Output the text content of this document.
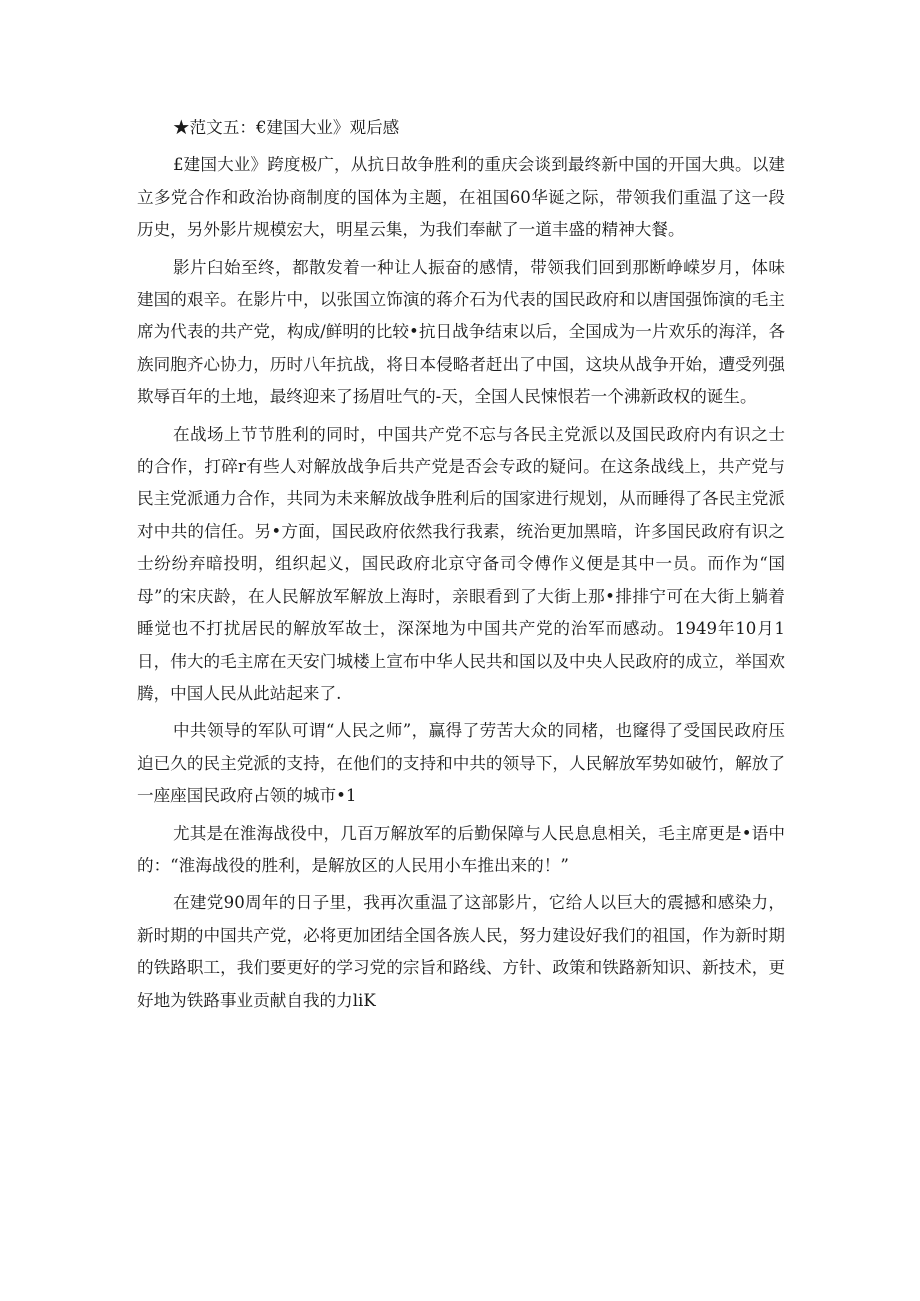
★范文五：€建国大业》观后感

£建国大业》跨度极广，从抗日故争胜利的重庆会谈到最终新中国的开国大典。以建立多党合作和政治协商制度的国体为主题，在祖国60华诞之际，带领我们重温了这一段历史，另外影片规模宏大，明星云集，为我们奉献了一道丰盛的精神大餐。

影片臼始至终，都散发着一种让人振奋的感情，带领我们回到那断峥嵘岁月，体味建国的艰辛。在影片中，以张国立饰演的蒋介石为代表的国民政府和以唐国强饰演的毛主席为代表的共产党，构成/鲜明的比较•抗日战争结束以后，全国成为一片欢乐的海洋，各族同胞齐心协力，历时八年抗战，将日本侵略者赶出了中国，这块从战争开始，遭受列强欺辱百年的土地，最终迎来了扬眉吐气的-天，全国人民悚恨若一个沸新政权的诞生。

在战场上节节胜利的同时，中国共产党不忘与各民主党派以及国民政府内有识之士的合作，打碎r有些人对解放战争后共产党是否会专政的疑问。在这条战线上，共产党与民主党派通力合作，共同为未来解放战争胜利后的国家进行规划，从而睡得了各民主党派对中共的信任。另•方面，国民政府依然我行我素，统治更加黑暗，许多国民政府有识之士纷纷弃暗投明，组织起义，国民政府北京守备司令傅作义便是其中一员。而作为“国母”的宋庆龄，在人民解放军解放上海时，亲眼看到了大街上那•排排宁可在大街上躺着睡觉也不打扰居民的解放军故士，深深地为中国共产党的治军而感动。1949年10月1日，伟大的毛主席在天安门城楼上宣布中华人民共和国以及中央人民政府的成立，举国欢腾，中国人民从此站起来了.

中共领导的军队可谓“人民之师”，赢得了劳苦大众的同楮，也窿得了受国民政府压迫已久的民主党派的支持，在他们的支持和中共的领导下，人民解放军势如破竹，解放了一座座国民政府占领的城市•1

尤其是在淮海战役中，几百万解放军的后勤保障与人民息息相关，毛主席更是•语中的：“淮海战役的胜利，是解放区的人民用小车推出来的！”

在建党90周年的日子里，我再次重温了这部影片，它给人以巨大的震撼和感染力，新时期的中国共产党，必将更加团结全国各族人民，努力建设好我们的祖国，作为新时期的铁路职工，我们要更好的学习党的宗旨和路线、方针、政策和铁路新知识、新技术，更好地为铁路事业贡献自我的力liK
